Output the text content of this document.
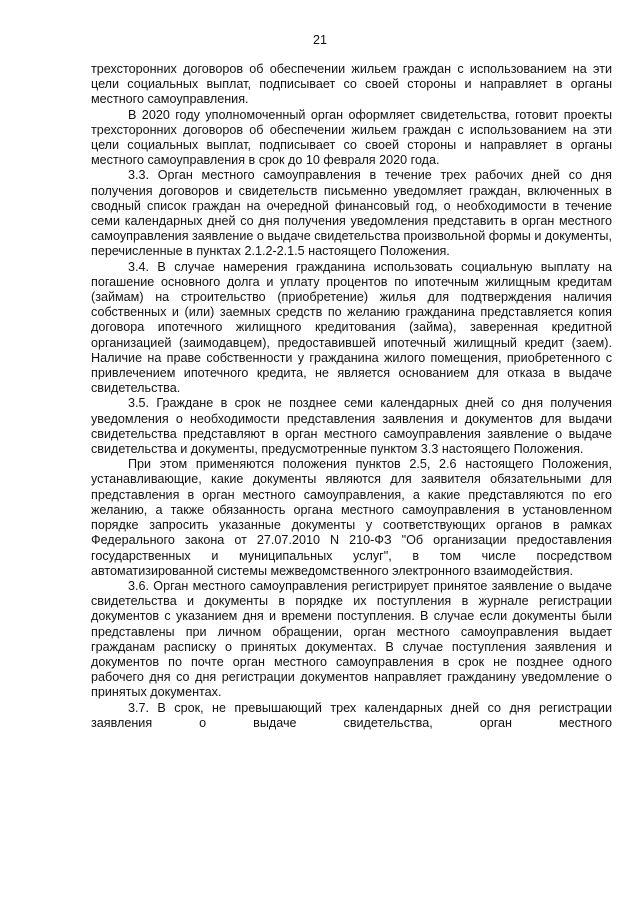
21

трехсторонних договоров об обеспечении жильем граждан с использованием на эти цели социальных выплат, подписывает со своей стороны и направляет в органы местного самоуправления.

В 2020 году уполномоченный орган оформляет свидетельства, готовит проекты трехсторонних договоров об обеспечении жильем граждан с использованием на эти цели социальных выплат, подписывает со своей стороны и направляет в органы местного самоуправления в срок до 10 февраля 2020 года.

3.3. Орган местного самоуправления в течение трех рабочих дней со дня получения договоров и свидетельств письменно уведомляет граждан, включенных в сводный список граждан на очередной финансовый год, о необходимости в течение семи календарных дней со дня получения уведомления представить в орган местного самоуправления заявление о выдаче свидетельства произвольной формы и документы, перечисленные в пунктах 2.1.2-2.1.5 настоящего Положения.

3.4. В случае намерения гражданина использовать социальную выплату на погашение основного долга и уплату процентов по ипотечным жилищным кредитам (займам) на строительство (приобретение) жилья для подтверждения наличия собственных и (или) заемных средств по желанию гражданина представляется копия договора ипотечного жилищного кредитования (займа), заверенная кредитной организацией (заимодавцем), предоставившей ипотечный жилищный кредит (заем). Наличие на праве собственности у гражданина жилого помещения, приобретенного с привлечением ипотечного кредита, не является основанием для отказа в выдаче свидетельства.

3.5. Граждане в срок не позднее семи календарных дней со дня получения уведомления о необходимости представления заявления и документов для выдачи свидетельства представляют в орган местного самоуправления заявление о выдаче свидетельства и документы, предусмотренные пунктом 3.3 настоящего Положения.

При этом применяются положения пунктов 2.5, 2.6 настоящего Положения, устанавливающие, какие документы являются для заявителя обязательными для представления в орган местного самоуправления, а какие представляются по его желанию, а также обязанность органа местного самоуправления в установленном порядке запросить указанные документы у соответствующих органов в рамках Федерального закона от 27.07.2010 N 210-ФЗ "Об организации предоставления государственных и муниципальных услуг", в том числе посредством автоматизированной системы межведомственного электронного взаимодействия.

3.6. Орган местного самоуправления регистрирует принятое заявление о выдаче свидетельства и документы в порядке их поступления в журнале регистрации документов с указанием дня и времени поступления. В случае если документы были представлены при личном обращении, орган местного самоуправления выдает гражданам расписку о принятых документах. В случае поступления заявления и документов по почте орган местного самоуправления в срок не позднее одного рабочего дня со дня регистрации документов направляет гражданину уведомление о принятых документах.

3.7. В срок, не превышающий трех календарных дней со дня регистрации заявления о выдаче свидетельства, орган местного
